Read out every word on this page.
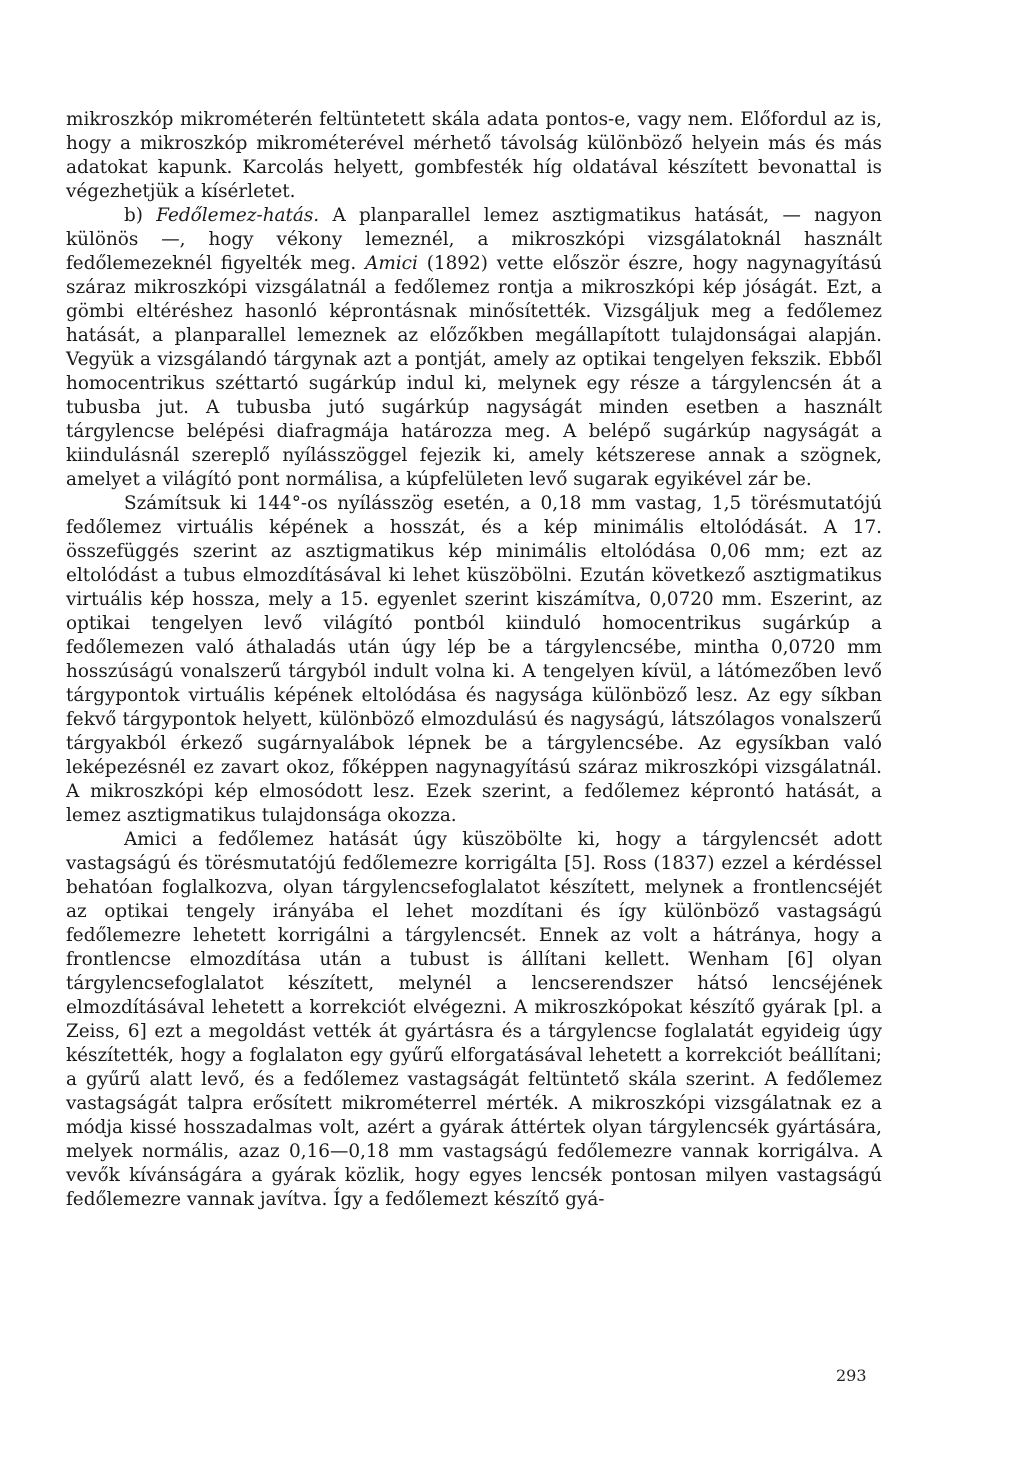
mikroszkóp mikrométerén feltüntetett skála adata pontos-e, vagy nem. Előfordul az is, hogy a mikroszkóp mikrométerével mérhető távolság különböző helyein más és más adatokat kapunk. Karcolás helyett, gombfesték híg oldatával készített bevonattal is végezhetjük a kísérletet.

b) Fedőlemez-hatás. A planparallel lemez asztigmatikus hatását, — nagyon különös —, hogy vékony lemeznél, a mikroszkópi vizsgálatoknál használt fedőlemezeknél figyelték meg. Amici (1892) vette először észre, hogy nagynagyítású száraz mikroszkópi vizsgálatnál a fedőlemez rontja a mikroszkópi kép jóságát. Ezt, a gömbi eltéréshez hasonló képrontásnak minősítették. Vizsgáljuk meg a fedőlemez hatását, a planparallel lemeznek az előzőkben megállapított tulajdonságai alapján. Vegyük a vizsgálandó tárgynak azt a pontját, amely az optikai tengelyen fekszik. Ebből homocentrikus széttartó sugárkúp indul ki, melynek egy része a tárgylencsén át a tubusba jut. A tubusba jutó sugárkúp nagyságát minden esetben a használt tárgylencse belépési diafragmája határozza meg. A belépő sugárkúp nagyságát a kiindulásnál szereplő nyílásszöggel fejezik ki, amely kétszerese annak a szögnek, amelyet a világító pont normálisa, a kúpfelületen levő sugarak egyikével zár be.

Számítsuk ki 144°-os nyílásszög esetén, a 0,18 mm vastag, 1,5 törésmutatójú fedőlemez virtuális képének a hosszát, és a kép minimális eltolódását. A 17. összefüggés szerint az asztigmatikus kép minimális eltolódása 0,06 mm; ezt az eltolódást a tubus elmozdításával ki lehet küszöbölni. Ezután következő asztigmatikus virtuális kép hossza, mely a 15. egyenlet szerint kiszámítva, 0,0720 mm. Eszerint, az optikai tengelyen levő világító pontból kiinduló homocentrikus sugárkúp a fedőlemezen való áthaladás után úgy lép be a tárgylencsébe, mintha 0,0720 mm hosszúságú vonalszerű tárgyból indult volna ki. A tengelyen kívül, a látómezőben levő tárgypontok virtuális képének eltolódása és nagysága különböző lesz. Az egy síkban fekvő tárgypontok helyett, különböző elmozdulású és nagyságú, látszólagos vonalszerű tárgyakból érkező sugárnyalábok lépnek be a tárgylencsébe. Az egysíkban való leképezésnél ez zavart okoz, főképpen nagynagyítású száraz mikroszkópi vizsgálatnál. A mikroszkópi kép elmosódott lesz. Ezek szerint, a fedőlemez képrontó hatását, a lemez asztigmatikus tulajdonsága okozza.

Amici a fedőlemez hatását úgy küszöbölte ki, hogy a tárgylencsét adott vastagságú és törésmutatójú fedőlemezre korrigálta [5]. Ross (1837) ezzel a kérdéssel behatóan foglalkozva, olyan tárgylencsefoglalatot készített, melynek a frontlencséjét az optikai tengely irányába el lehet mozdítani és így különböző vastagságú fedőlemezre lehetett korrigálni a tárgylencsét. Ennek az volt a hátránya, hogy a frontlencse elmozdítása után a tubust is állítani kellett. Wenham [6] olyan tárgylencsefoglalatot készített, melynél a lencserendszer hátsó lencséjének elmozdításával lehetett a korrekciót elvégezni. A mikroszkópokat készítő gyárak [pl. a Zeiss, 6] ezt a megoldást vették át gyártásra és a tárgylencse foglalatát egyideig úgy készítették, hogy a foglalaton egy gyűrű elforgatásával lehetett a korrekciót beállítani; a gyűrű alatt levő, és a fedőlemez vastagságát feltüntető skála szerint. A fedőlemez vastagságát talpra erősített mikrométerrel mérték. A mikroszkópi vizsgálatnak ez a módja kissé hosszadalmas volt, azért a gyárak áttértek olyan tárgylencsék gyártására, melyek normális, azaz 0,16—0,18 mm vastagságú fedőlemezre vannak korrigálva. A vevők kívánságára a gyárak közlik, hogy egyes lencsék pontosan milyen vastagságú fedőlemezre vannak javítva. Így a fedőlemezt készítő gyá-

293
